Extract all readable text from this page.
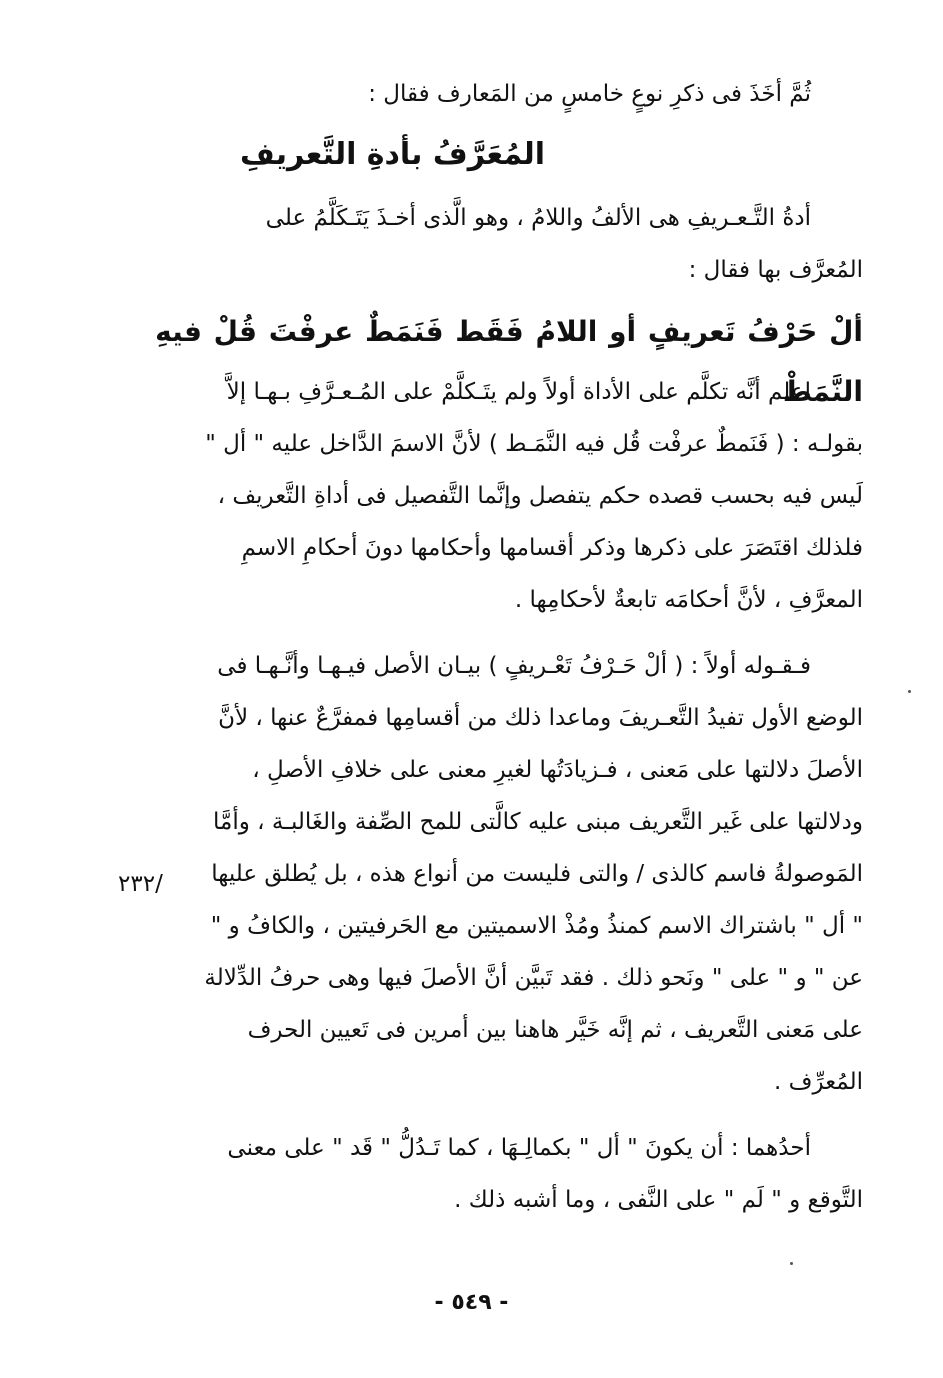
ثُمَّ أخَذَ فى ذكرِ نوعٍ خامسٍ من المَعارف فقال :

المُعَرَّفُ بأدةِ التَّعريفِ

أدةُ التَّـعـريفِ هى الألفُ واللامُ ، وهو الَّذى أخـذَ يَتَـكَلَّمُ على

المُعرَّف بها فقال :

ألْ حَرْفُ تَعريفٍ أو اللامُ فَقَط فَنَمَطٌ عرفْتَ قُلْ فيهِ النَّمَطْ

اعلم أنَّه تكلَّم على الأداة أولاً ولم يتَـكلَّمْ على المُـعـرَّفِ بـهـا إلاَّ

بقولـه : ( فَنَمطٌ عرفْت قُل فيه النَّمَـط ) لأنَّ الاسمَ الدَّاخل عليه " أل "

لَيس فيه بحسب قصده حكم يتفصل وإنَّما التَّفصيل فى أداةِ التَّعريف ،

فلذلك اقتَصَرَ على ذكرها وذكر أقسامها وأحكامها دونَ أحكامِ الاسمِ

المعرَّفِ ، لأنَّ أحكامَه تابعةٌ لأحكامِها .

فـقـوله أولاً : ( ألْ حَـرْفُ تَعْـريفٍ ) بيـان الأصل فيـهـا وأنَّـهـا فى

الوضع الأول تفيدُ التَّعـريفَ وماعدا ذلك من أقسامِها فمفرَّعٌ عنها ، لأنَّ

الأصلَ دلالتها على مَعنى ، فـزيادَتُها لغيرِ معنى على خلافِ الأصلِ ،

ودلالتها على غَير التَّعريف مبنى عليه كالَّتى للمح الصِّفة والغَالبـة ، وأمَّا

المَوصولةُ فاسم كالذى / والتى فليست من أنواع هذه ، بل يُطلق عليها

" أل " باشتراك الاسم كمنذُ ومُذْ الاسميتين مع الحَرفيتين ، والكافُ و "

عن " و " على " ونَحو ذلك . فقد تَبيَّن أنَّ الأصلَ فيها وهى حرفُ الدِّلالة

على مَعنى التَّعريف ، ثم إنَّه خَيَّر هاهنا بين أمرين فى تَعيين الحرف

المُعرِّف .

أحدُهما : أن يكونَ " أل " بكمالِـهَا ، كما تَـدُلُّ " قَد " على معنى

التَّوقع و " لَم " على النَّفى ، وما أشبه ذلك .

/٢٣٢
- ٥٤٩ -
